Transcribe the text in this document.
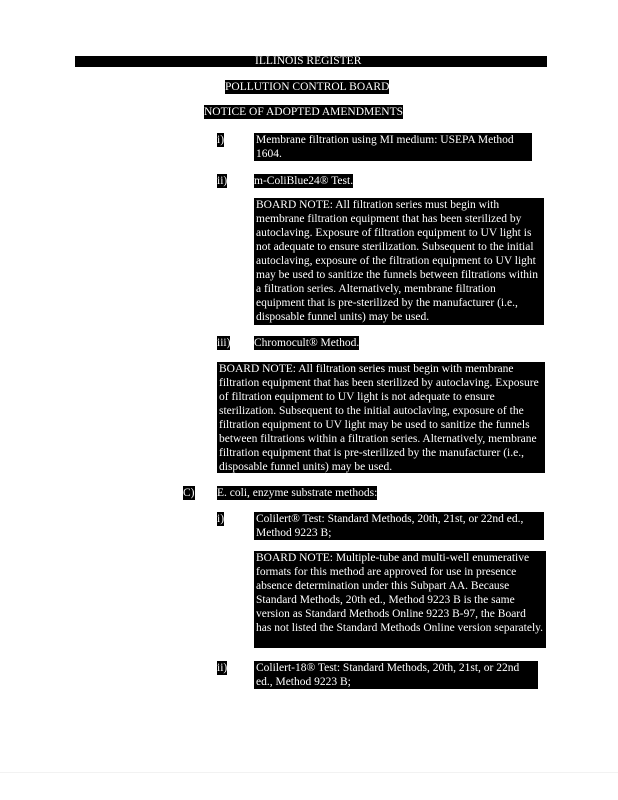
ILLINOIS REGISTER
POLLUTION CONTROL BOARD
NOTICE OF ADOPTED AMENDMENTS
i)	Membrane filtration using MI medium: USEPA Method 1604.
ii) m-ColiBlue24® Test.
BOARD NOTE: All filtration series must begin with membrane filtration equipment that has been sterilized by autoclaving. Exposure of filtration equipment to UV light is not adequate to ensure sterilization. Subsequent to the initial autoclaving, exposure of the filtration equipment to UV light may be used to sanitize the funnels between filtrations within a filtration series. Alternatively, membrane filtration equipment that is pre-sterilized by the manufacturer (i.e., disposable funnel units) may be used.
iii) Chromocult® Method.
BOARD NOTE: All filtration series must begin with membrane filtration equipment that has been sterilized by autoclaving. Exposure of filtration equipment to UV light is not adequate to ensure sterilization. Subsequent to the initial autoclaving, exposure of the filtration equipment to UV light may be used to sanitize the funnels between filtrations within a filtration series. Alternatively, membrane filtration equipment that is pre-sterilized by the manufacturer (i.e., disposable funnel units) may be used.
C) E. coli, enzyme substrate methods:
i)	Colilert® Test: Standard Methods, 20th, 21st, or 22nd ed., Method 9223 B;
BOARD NOTE: Multiple-tube and multi-well enumerative formats for this method are approved for use in presence absence determination under this Subpart AA. Because Standard Methods, 20th ed., Method 9223 B is the same version as Standard Methods Online 9223 B-97, the Board has not listed the Standard Methods Online version separately.
ii)	Colilert-18® Test: Standard Methods, 20th, 21st, or 22nd ed., Method 9223 B;
